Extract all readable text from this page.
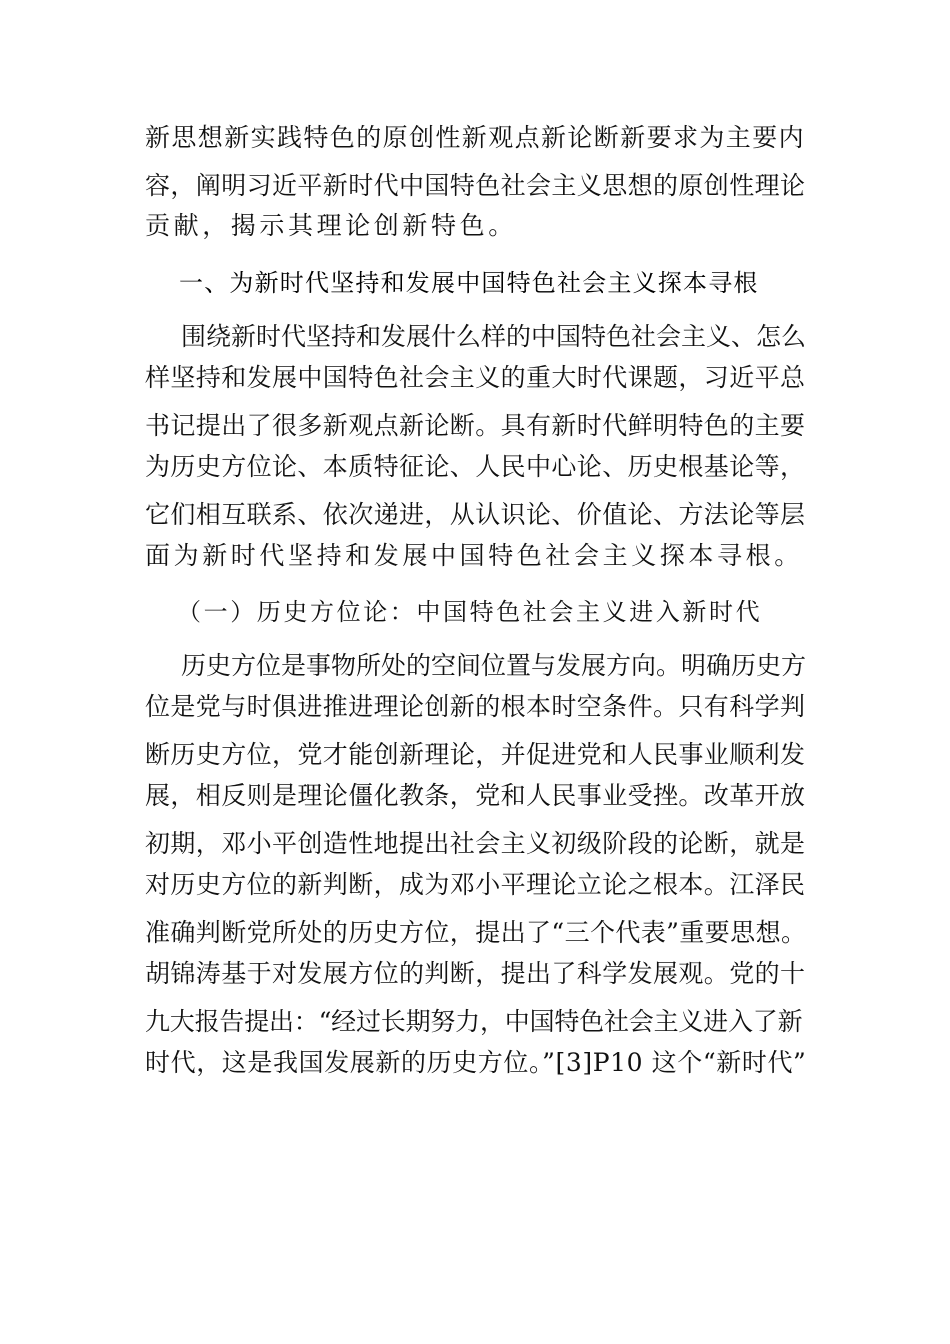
新思想新实践特色的原创性新观点新论断新要求为主要内
容，阐明习近平新时代中国特色社会主义思想的原创性理论
贡献，揭示其理论创新特色。
一、为新时代坚持和发展中国特色社会主义探本寻根
围绕新时代坚持和发展什么样的中国特色社会主义、怎么
样坚持和发展中国特色社会主义的重大时代课题，习近平总
书记提出了很多新观点新论断。具有新时代鲜明特色的主要
为历史方位论、本质特征论、人民中心论、历史根基论等，
它们相互联系、依次递进，从认识论、价值论、方法论等层
面为新时代坚持和发展中国特色社会主义探本寻根。
（一）历史方位论：中国特色社会主义进入新时代
历史方位是事物所处的空间位置与发展方向。明确历史方
位是党与时俱进推进理论创新的根本时空条件。只有科学判
断历史方位，党才能创新理论，并促进党和人民事业顺利发
展，相反则是理论僵化教条，党和人民事业受挫。改革开放
初期，邓小平创造性地提出社会主义初级阶段的论断，就是
对历史方位的新判断，成为邓小平理论立论之根本。江泽民
准确判断党所处的历史方位，提出了“三个代表”重要思想。
胡锦涛基于对发展方位的判断，提出了科学发展观。党的十
九大报告提出：“经过长期努力，中国特色社会主义进入了新
时代，这是我国发展新的历史方位。”[3]P10 这个“新时代”
